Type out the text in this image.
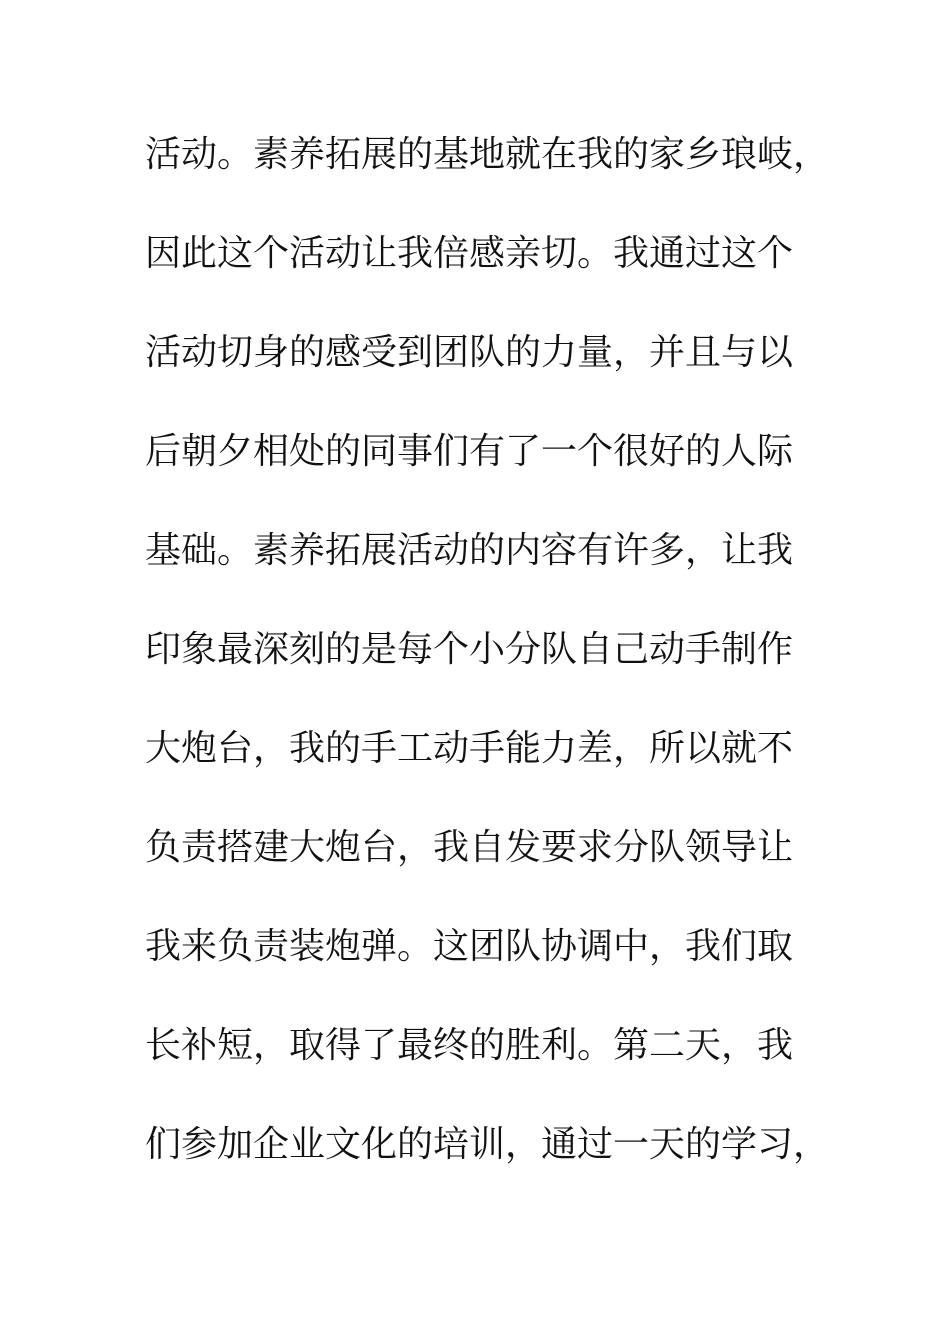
活动。素养拓展的基地就在我的家乡琅岐，
因此这个活动让我倍感亲切。我通过这个
活动切身的感受到团队的力量，并且与以
后朝夕相处的同事们有了一个很好的人际
基础。素养拓展活动的内容有许多，让我
印象最深刻的是每个小分队自己动手制作
大炮台，我的手工动手能力差，所以就不
负责搭建大炮台，我自发要求分队领导让
我来负责装炮弹。这团队协调中，我们取
长补短，取得了最终的胜利。第二天，我
们参加企业文化的培训，通过一天的学习，
